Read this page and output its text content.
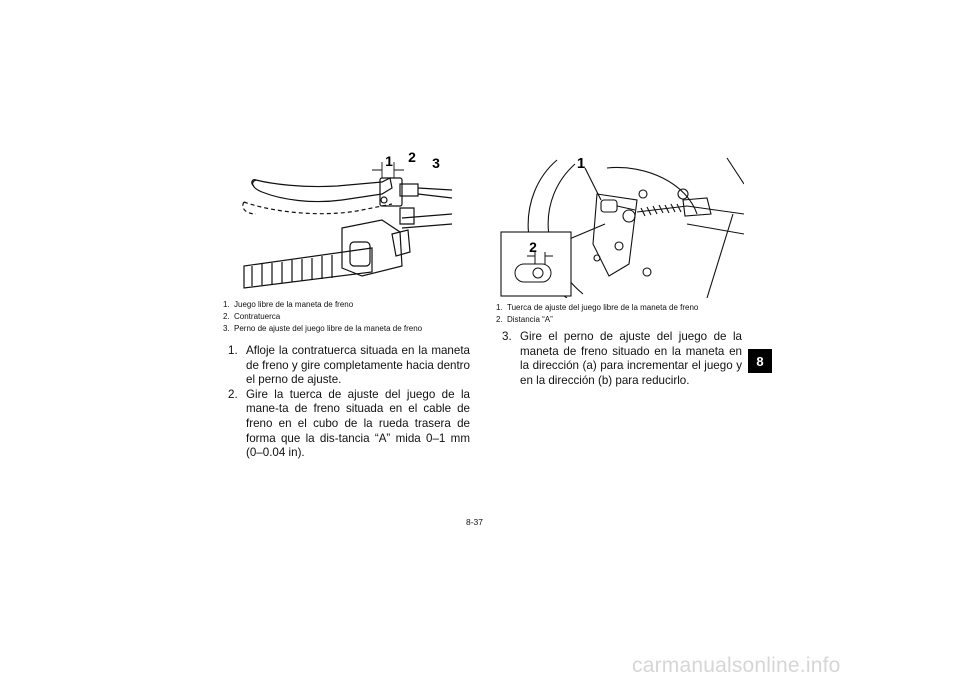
1 2 3
1. Juego libre de la maneta de freno
2. Contratuerca
3. Perno de ajuste del juego libre de la maneta de freno
1. Afloje la contratuerca situada en la maneta de freno y gire completamente hacia dentro el perno de ajuste.
2. Gire la tuerca de ajuste del juego de la mane-ta de freno situada en el cable de freno en el cubo de la rueda trasera de forma que la dis-tancia “A” mida 0–1 mm (0–0.04 in).
1
2
1. Tuerca de ajuste del juego libre de la maneta de freno
2. Distancia “A”
3. Gire el perno de ajuste del juego de la maneta de freno situado en la maneta en la dirección (a) para incrementar el juego y en la dirección (b) para reducirlo.
8-37
8
carmanualsonline.info
